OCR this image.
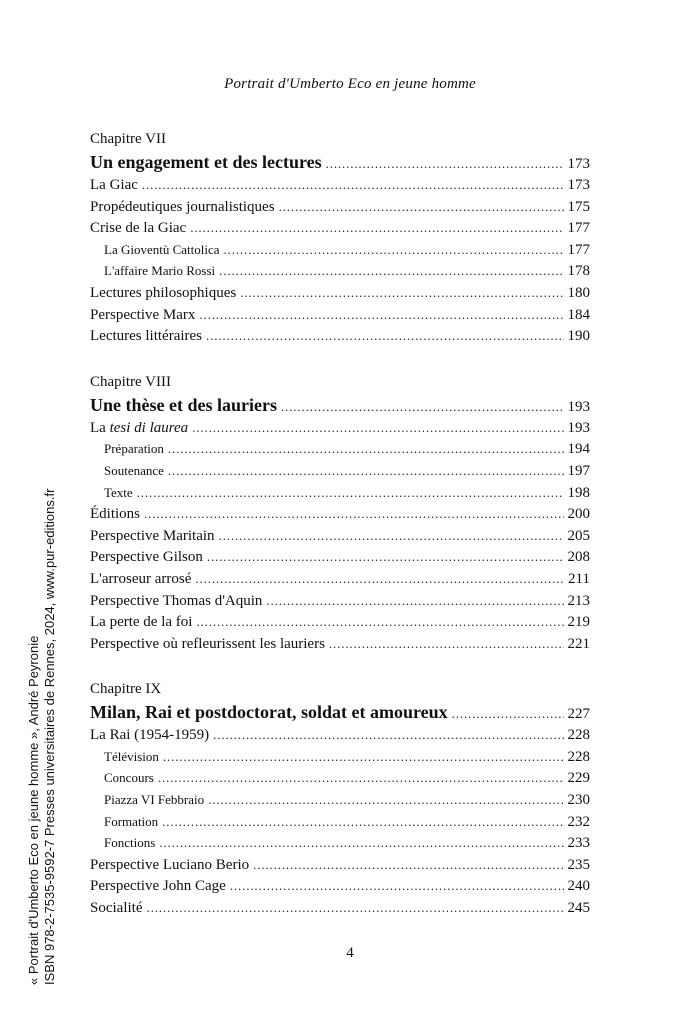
Portrait d'Umberto Eco en jeune homme
Chapitre VII
Un engagement et des lectures . . .	173
La Giac . . .	173
Propédeutiques journalistiques . . .	175
Crise de la Giac . . .	177
La Gioventù Cattolica . . .	177
L'affaire Mario Rossi . . .	178
Lectures philosophiques . . .	180
Perspective Marx . . .	184
Lectures littéraires . . .	190
Chapitre VIII
Une thèse et des lauriers . . .	193
La tesi di laurea . . .	193
Préparation . . .	194
Soutenance . . .	197
Texte . . .	198
Éditions . . .	200
Perspective Maritain . . .	205
Perspective Gilson . . .	208
L'arroseur arrosé . . .	211
Perspective Thomas d'Aquin . . .	213
La perte de la foi . . .	219
Perspective où refleurissent les lauriers . . .	221
Chapitre IX
Milan, Rai et postdoctorat, soldat et amoureux . . .	227
La Rai (1954-1959) . . .	228
Télévision . . .	228
Concours . . .	229
Piazza VI Febbraio . . .	230
Formation . . .	232
Fonctions . . .	233
Perspective Luciano Berio . . .	235
Perspective John Cage . . .	240
Socialité . . .	245
4
« Portrait d'Umberto Eco en jeune homme », André Peyronie ISBN 978-2-7535-9592-7 Presses universitaires de Rennes, 2024, www.pur-editions.fr
